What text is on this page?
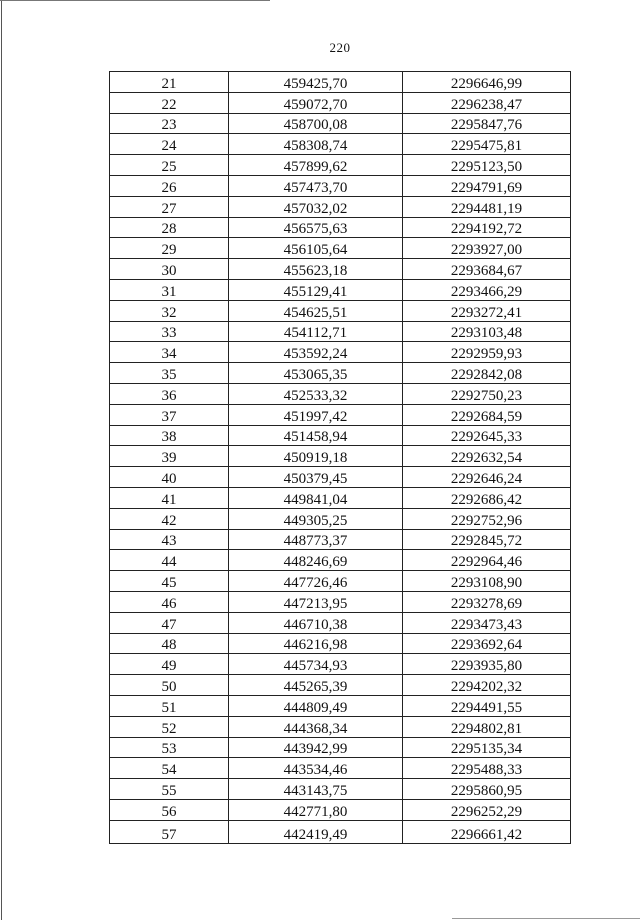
220
21	459425,70	2296646,99
22	459072,70	2296238,47
23	458700,08	2295847,76
24	458308,74	2295475,81
25	457899,62	2295123,50
26	457473,70	2294791,69
27	457032,02	2294481,19
28	456575,63	2294192,72
29	456105,64	2293927,00
30	455623,18	2293684,67
31	455129,41	2293466,29
32	454625,51	2293272,41
33	454112,71	2293103,48
34	453592,24	2292959,93
35	453065,35	2292842,08
36	452533,32	2292750,23
37	451997,42	2292684,59
38	451458,94	2292645,33
39	450919,18	2292632,54
40	450379,45	2292646,24
41	449841,04	2292686,42
42	449305,25	2292752,96
43	448773,37	2292845,72
44	448246,69	2292964,46
45	447726,46	2293108,90
46	447213,95	2293278,69
47	446710,38	2293473,43
48	446216,98	2293692,64
49	445734,93	2293935,80
50	445265,39	2294202,32
51	444809,49	2294491,55
52	444368,34	2294802,81
53	443942,99	2295135,34
54	443534,46	2295488,33
55	443143,75	2295860,95
56	442771,80	2296252,29
57	442419,49	2296661,42
